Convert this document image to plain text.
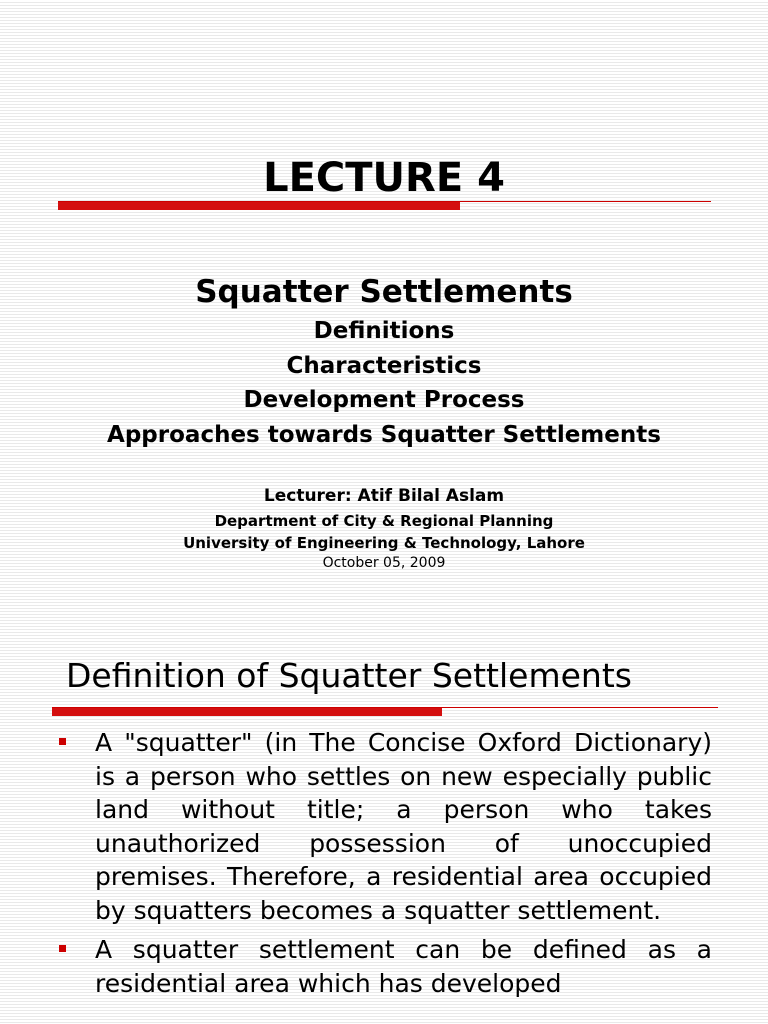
LECTURE 4
Squatter Settlements
Definitions
Characteristics
Development Process
Approaches towards Squatter Settlements
Lecturer: Atif Bilal Aslam
Department of City & Regional Planning
University of Engineering & Technology, Lahore
October 05, 2009
Definition of Squatter Settlements
A "squatter" (in The Concise Oxford Dictionary) is a person who settles on new especially public land without title; a person who takes unauthorized possession of unoccupied premises. Therefore, a residential area occupied by squatters becomes a squatter settlement.
A squatter settlement can be defined as a residential area which has developed
